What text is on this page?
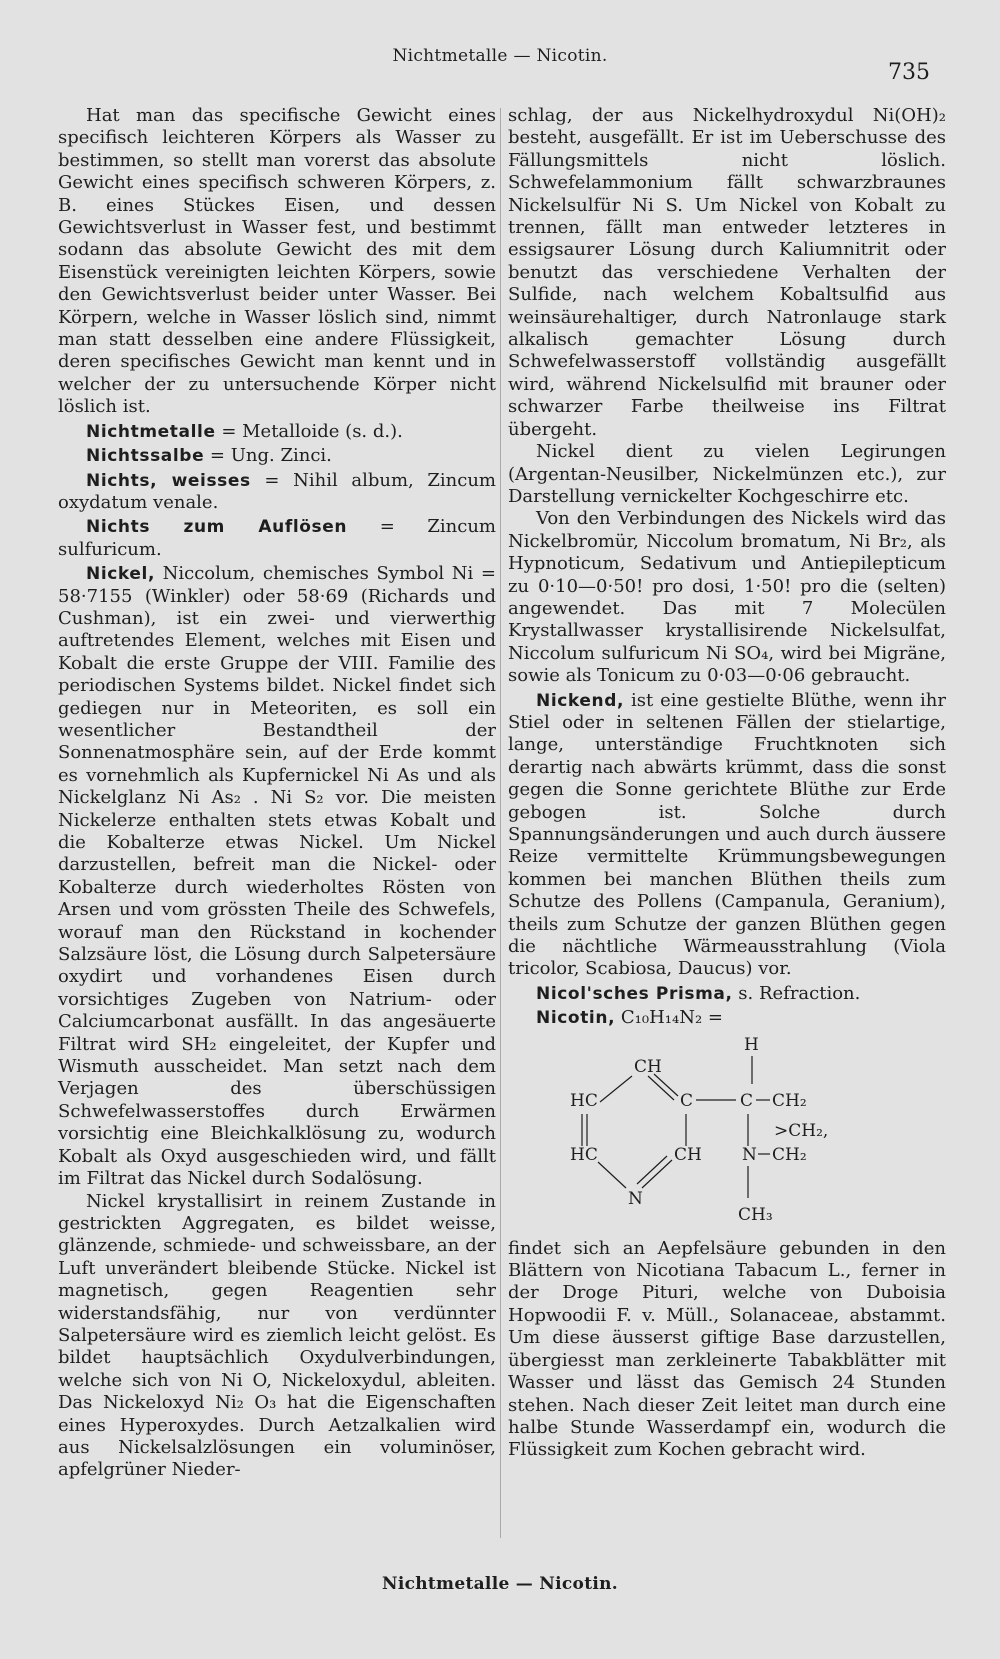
Nichtmetalle — Nicotin.
735

Hat man das specifische Gewicht eines specifisch leichteren Körpers als Wasser zu bestimmen, so stellt man vorerst das absolute Gewicht eines specifisch schweren Körpers, z. B. eines Stückes Eisen, und dessen Gewichtsverlust in Wasser fest, und bestimmt sodann das absolute Gewicht des mit dem Eisenstück vereinigten leichten Körpers, sowie den Gewichtsverlust beider unter Wasser. Bei Körpern, welche in Wasser löslich sind, nimmt man statt desselben eine andere Flüssigkeit, deren specifisches Gewicht man kennt und in welcher der zu untersuchende Körper nicht löslich ist.

Nichtmetalle = Metalloide (s. d.).

Nichtssalbe = Ung. Zinci.

Nichts, weisses = Nihil album, Zincum oxydatum venale.

Nichts zum Auflösen = Zincum sulfuricum.

Nickel, Niccolum, chemisches Symbol Ni = 58·7155 (Winkler) oder 58·69 (Richards und Cushman), ist ein zwei- und vierwerthig auftretendes Element, welches mit Eisen und Kobalt die erste Gruppe der VIII. Familie des periodischen Systems bildet. Nickel findet sich gediegen nur in Meteoriten, es soll ein wesentlicher Bestandtheil der Sonnenatmosphäre sein, auf der Erde kommt es vornehmlich als Kupfernickel Ni As und als Nickelglanz Ni As₂ . Ni S₂ vor. Die meisten Nickelerze enthalten stets etwas Kobalt und die Kobalterze etwas Nickel. Um Nickel darzustellen, befreit man die Nickel- oder Kobalterze durch wiederholtes Rösten von Arsen und vom grössten Theile des Schwefels, worauf man den Rückstand in kochender Salzsäure löst, die Lösung durch Salpetersäure oxydirt und vorhandenes Eisen durch vorsichtiges Zugeben von Natrium- oder Calciumcarbonat ausfällt. In das angesäuerte Filtrat wird SH₂ eingeleitet, der Kupfer und Wismuth ausscheidet. Man setzt nach dem Verjagen des überschüssigen Schwefelwasserstoffes durch Erwärmen vorsichtig eine Bleichkalklösung zu, wodurch Kobalt als Oxyd ausgeschieden wird, und fällt im Filtrat das Nickel durch Sodalösung.

Nickel krystallisirt in reinem Zustande in gestrickten Aggregaten, es bildet weisse, glänzende, schmiede- und schweissbare, an der Luft unverändert bleibende Stücke. Nickel ist magnetisch, gegen Reagentien sehr widerstandsfähig, nur von verdünnter Salpetersäure wird es ziemlich leicht gelöst. Es bildet hauptsächlich Oxydulverbindungen, welche sich von Ni O, Nickeloxydul, ableiten. Das Nickeloxyd Ni₂ O₃ hat die Eigenschaften eines Hyperoxydes. Durch Aetzalkalien wird aus Nickelsalzlösungen ein voluminöser, apfelgrüner Nieder-

schlag, der aus Nickelhydroxydul Ni(OH)₂ besteht, ausgefällt. Er ist im Ueberschusse des Fällungsmittels nicht löslich. Schwefelammonium fällt schwarzbraunes Nickelsulfür Ni S. Um Nickel von Kobalt zu trennen, fällt man entweder letzteres in essigsaurer Lösung durch Kaliumnitrit oder benutzt das verschiedene Verhalten der Sulfide, nach welchem Kobaltsulfid aus weinsäurehaltiger, durch Natronlauge stark alkalisch gemachter Lösung durch Schwefelwasserstoff vollständig ausgefällt wird, während Nickelsulfid mit brauner oder schwarzer Farbe theilweise ins Filtrat übergeht.

Nickel dient zu vielen Legirungen (Argentan-Neusilber, Nickelmünzen etc.), zur Darstellung vernickelter Kochgeschirre etc.

Von den Verbindungen des Nickels wird das Nickelbromür, Niccolum bromatum, Ni Br₂, als Hypnoticum, Sedativum und Antiepilepticum zu 0·10—0·50! pro dosi, 1·50! pro die (selten) angewendet. Das mit 7 Molecülen Krystallwasser krystallisirende Nickelsulfat, Niccolum sulfuricum Ni SO₄, wird bei Migräne, sowie als Tonicum zu 0·03—0·06 gebraucht.

Nickend, ist eine gestielte Blüthe, wenn ihr Stiel oder in seltenen Fällen der stielartige, lange, unterständige Fruchtknoten sich derartig nach abwärts krümmt, dass die sonst gegen die Sonne gerichtete Blüthe zur Erde gebogen ist. Solche durch Spannungsänderungen und auch durch äussere Reize vermittelte Krümmungsbewegungen kommen bei manchen Blüthen theils zum Schutze des Pollens (Campanula, Geranium), theils zum Schutze der ganzen Blüthen gegen die nächtliche Wärmeausstrahlung (Viola tricolor, Scabiosa, Daucus) vor.

Nicol'sches Prisma, s. Refraction.

Nicotin, C₁₀H₁₄N₂ =

H
CH
HC	C	C CH₂
>CH₂,
HC	CH N CH₂
N
CH₃

findet sich an Aepfelsäure gebunden in den Blättern von Nicotiana Tabacum L., ferner in der Droge Pituri, welche von Duboisia Hopwoodii F. v. Müll., Solanaceae, abstammt. Um diese äusserst giftige Base darzustellen, übergiesst man zerkleinerte Tabakblätter mit Wasser und lässt das Gemisch 24 Stunden stehen. Nach dieser Zeit leitet man durch eine halbe Stunde Wasserdampf ein, wodurch die Flüssigkeit zum Kochen gebracht wird.

Nichtmetalle — Nicotin.
